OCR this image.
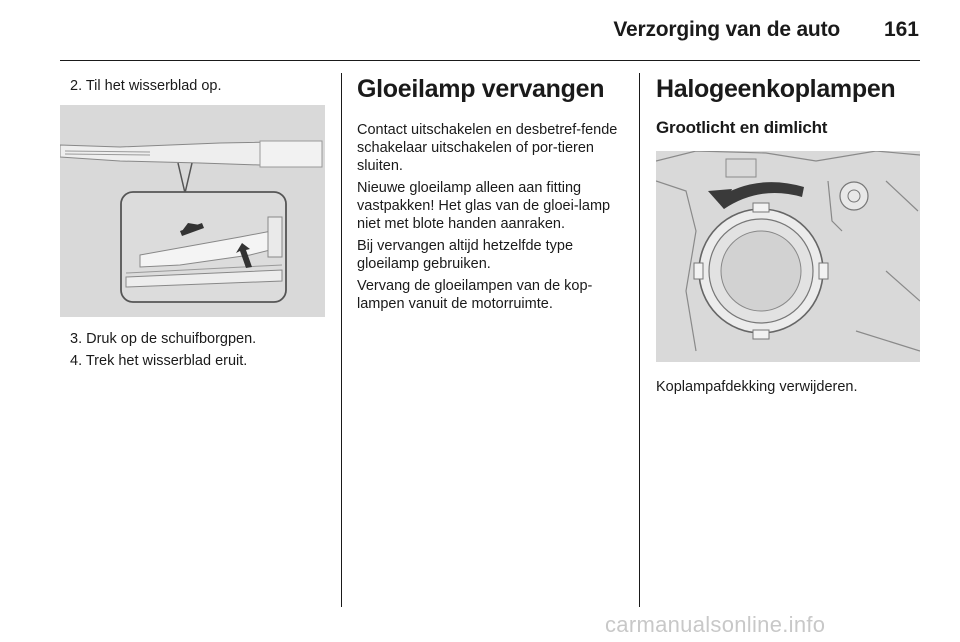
Verzorging van de auto 161

2. Til het wisserblad op.

3. Druk op de schuifborgpen.

4. Trek het wisserblad eruit.

Gloeilamp vervangen

Contact uitschakelen en desbetref-fende schakelaar uitschakelen of por-tieren sluiten.

Nieuwe gloeilamp alleen aan fitting vastpakken! Het glas van de gloei-lamp niet met blote handen aanraken.

Bij vervangen altijd hetzelfde type gloeilamp gebruiken.

Vervang de gloeilampen van de kop-lampen vanuit de motorruimte.

Halogeenkoplampen
Grootlicht en dimlicht

Koplampafdekking verwijderen.

carmanualsonline.info
